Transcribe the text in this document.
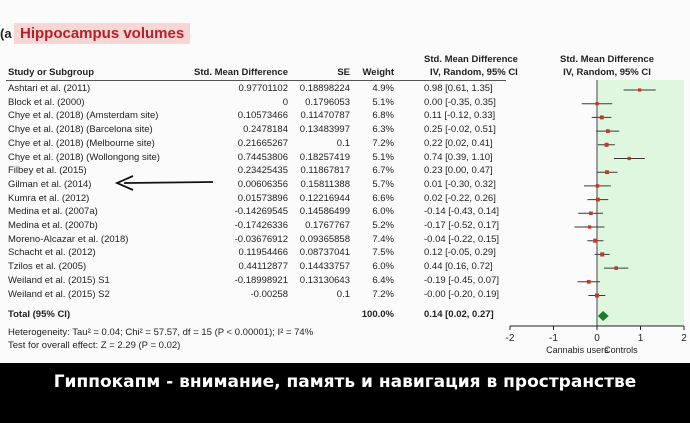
(a Hippocampus volumes
Std. Mean Difference	Std. Mean Difference
Study or Subgroup	Std. Mean Difference	SE Weight	IV, Random, 95% CI	IV, Random, 95% CI
Ashtari et al. (2011)	0.97701102 0.18898224 4.9%	0.98 [0.61, 1.35]
Block et al. (2000)	0 0.1796053 5.1%	0.00 [-0.35, 0.35]
Chye et al. (2018) (Amsterdam site)	0.10573466 0.11470787 6.8%	0.11 [-0.12, 0.33]
Chye et al. (2018) (Barcelona site)	0.2478184 0.13483997 6.3%	0.25 [-0.02, 0.51]
Chye et al. (2018) (Melbourne site)	0.21665267	0.1 7.2%	0.22 [0.02, 0.41]
Chye et al. (2018) (Wollongong site)	0.74453806 0.18257419 5.1%	0.74 [0.39, 1.10]
Filbey et al. (2015)	0.23425435 0.11867817 6.7%	0.23 [0.00, 0.47]
Gilman et al. (2014)	0.00606356 0.15811388 5.7%	0.01 [-0.30, 0.32]
Kumra et al. (2012)	0.01573896 0.12216944 6.6%	0.02 [-0.22, 0.26]
Medina et al. (2007a)	-0.14269545 0.14586499 6.0%	-0.14 [-0.43, 0.14]
Medina et al. (2007b)	-0.17426336 0.1767767 5.2%	-0.17 [-0.52, 0.17]
Moreno-Alcazar et al. (2018)	-0.03676912 0.09365858 7.4%	-0.04 [-0.22, 0.15]
Schacht et al. (2012)	0.11954466 0.08737041 7.5%	0.12 [-0.05, 0.29]
Tzilos et al. (2005)	0.44112877 0.14433757 6.0%	0.44 [0.16, 0.72]
Weiland et al. (2015) S1	-0.18998921 0.13130643 6.4%	-0.19 [-0.45, 0.07]
Weiland et al. (2015) S2	-0.00258	0.1 7.2%	-0.00 [-0.20, 0.19]
Total (95% CI)	100.0%	0.14 [0.02, 0.27]
Heterogeneity: Tau² = 0.04; Chi² = 57.57, df = 15 (P < 0.00001); I² = 74%
Test for overall effect: Z = 2.29 (P = 0.02)
-2	-1	0	1	2
Cannabis users
Controls
Гиппокапм - внимание, память и навигация в пространстве
